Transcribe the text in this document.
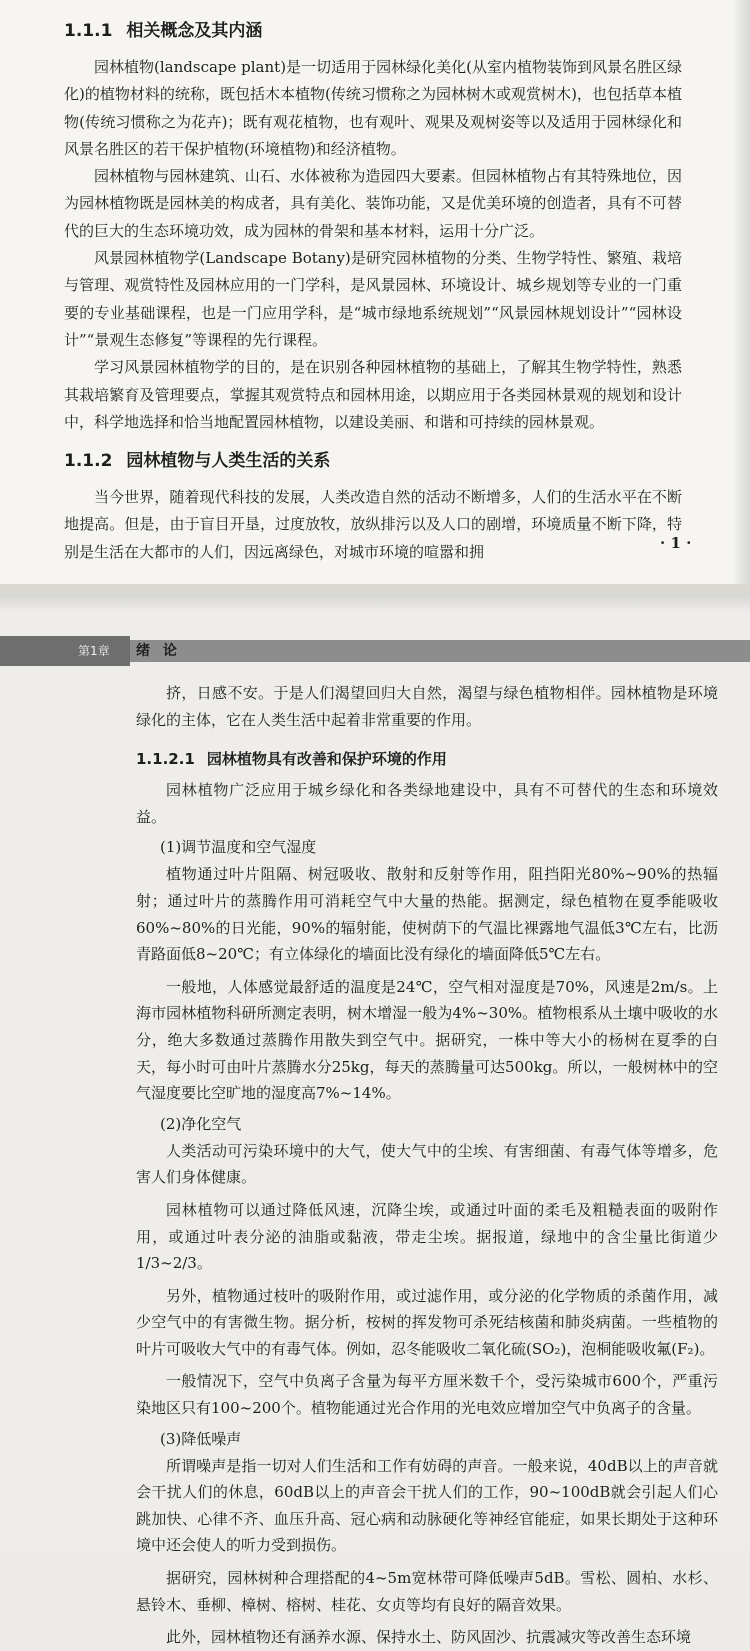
1.1.1 相关概念及其内涵

园林植物(landscape plant)是一切适用于园林绿化美化(从室内植物装饰到风景名胜区绿化)的植物材料的统称，既包括木本植物(传统习惯称之为园林树木或观赏树木)，也包括草本植物(传统习惯称之为花卉)；既有观花植物，也有观叶、观果及观树姿等以及适用于园林绿化和风景名胜区的若干保护植物(环境植物)和经济植物。

园林植物与园林建筑、山石、水体被称为造园四大要素。但园林植物占有其特殊地位，因为园林植物既是园林美的构成者，具有美化、装饰功能，又是优美环境的创造者，具有不可替代的巨大的生态环境功效，成为园林的骨架和基本材料，运用十分广泛。

风景园林植物学(Landscape Botany)是研究园林植物的分类、生物学特性、繁殖、栽培与管理、观赏特性及园林应用的一门学科，是风景园林、环境设计、城乡规划等专业的一门重要的专业基础课程，也是一门应用学科，是“城市绿地系统规划”“风景园林规划设计”“园林设计”“景观生态修复”等课程的先行课程。

学习风景园林植物学的目的，是在识别各种园林植物的基础上，了解其生物学特性，熟悉其栽培繁育及管理要点，掌握其观赏特点和园林用途，以期应用于各类园林景观的规划和设计中，科学地选择和恰当地配置园林植物，以建设美丽、和谐和可持续的园林景观。

1.1.2 园林植物与人类生活的关系

当今世界，随着现代科技的发展，人类改造自然的活动不断增多，人们的生活水平在不断地提高。但是，由于盲目开垦，过度放牧，放纵排污以及人口的剧增，环境质量不断下降，特别是生活在大都市的人们，因远离绿色，对城市环境的喧嚣和拥	· 1 ·
第1章 绪 论

挤，日感不安。于是人们渴望回归大自然，渴望与绿色植物相伴。园林植物是环境绿化的主体，它在人类生活中起着非常重要的作用。

1.1.2.1 园林植物具有改善和保护环境的作用

园林植物广泛应用于城乡绿化和各类绿地建设中，具有不可替代的生态和环境效益。

(1)调节温度和空气湿度

植物通过叶片阻隔、树冠吸收、散射和反射等作用，阻挡阳光80%~90%的热辐射；通过叶片的蒸腾作用可消耗空气中大量的热能。据测定，绿色植物在夏季能吸收60%~80%的日光能，90%的辐射能，使树荫下的气温比裸露地气温低3℃左右，比沥青路面低8~20℃；有立体绿化的墙面比没有绿化的墙面降低5℃左右。

一般地，人体感觉最舒适的温度是24℃，空气相对湿度是70%，风速是2m/s。上海市园林植物科研所测定表明，树木增湿一般为4%~30%。植物根系从土壤中吸收的水分，绝大多数通过蒸腾作用散失到空气中。据研究，一株中等大小的杨树在夏季的白天，每小时可由叶片蒸腾水分25kg，每天的蒸腾量可达500kg。所以，一般树林中的空气湿度要比空旷地的湿度高7%~14%。

(2)净化空气

人类活动可污染环境中的大气，使大气中的尘埃、有害细菌、有毒气体等增多，危害人们身体健康。

园林植物可以通过降低风速，沉降尘埃，或通过叶面的柔毛及粗糙表面的吸附作用，或通过叶表分泌的油脂或黏液，带走尘埃。据报道，绿地中的含尘量比街道少1/3~2/3。

另外，植物通过枝叶的吸附作用，或过滤作用，或分泌的化学物质的杀菌作用，减少空气中的有害微生物。据分析，桉树的挥发物可杀死结核菌和肺炎病菌。一些植物的叶片可吸收大气中的有毒气体。例如，忍冬能吸收二氧化硫(SO₂)，泡桐能吸收氟(F₂)。

一般情况下，空气中负离子含量为每平方厘米数千个，受污染城市600个，严重污染地区只有100~200个。植物能通过光合作用的光电效应增加空气中负离子的含量。

(3)降低噪声

所谓噪声是指一切对人们生活和工作有妨碍的声音。一般来说，40dB以上的声音就会干扰人们的休息，60dB以上的声音会干扰人们的工作，90~100dB就会引起人们心跳加快、心律不齐、血压升高、冠心病和动脉硬化等神经官能症，如果长期处于这种环境中还会使人的听力受到损伤。

据研究，园林树种合理搭配的4~5m宽林带可降低噪声5dB。雪松、圆柏、水杉、悬铃木、垂柳、樟树、榕树、桂花、女贞等均有良好的隔音效果。

此外，园林植物还有涵养水源、保持水土、防风固沙、抗震减灾等改善生态环境
